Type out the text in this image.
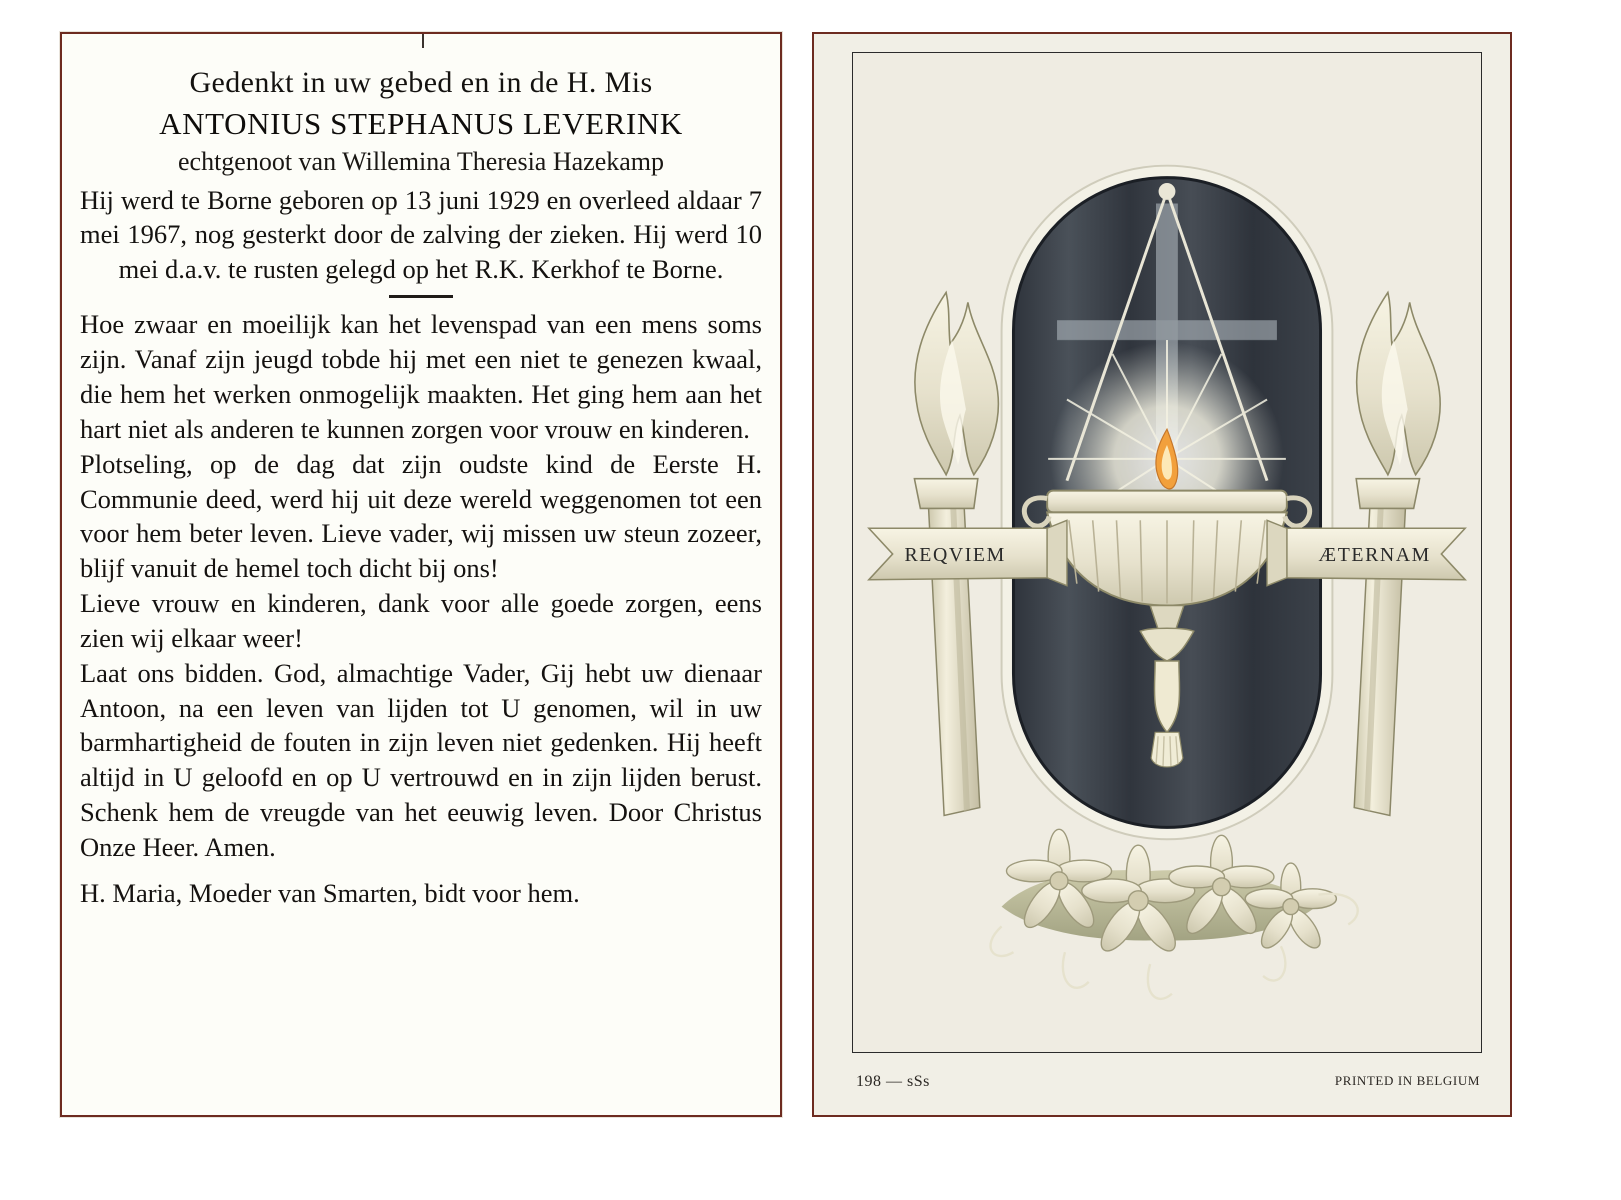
Gedenkt in uw gebed en in de H. Mis
ANTONIUS STEPHANUS LEVERINK
echtgenoot van Willemina Theresia Hazekamp
Hij werd te Borne geboren op 13 juni 1929 en overleed aldaar 7 mei 1967, nog gesterkt door de zalving der zieken. Hij werd 10 mei d.a.v. te rusten gelegd op het R.K. Kerkhof te Borne.

Hoe zwaar en moeilijk kan het levenspad van een mens soms zijn. Vanaf zijn jeugd tobde hij met een niet te genezen kwaal, die hem het werken onmogelijk maakten. Het ging hem aan het hart niet als anderen te kunnen zorgen voor vrouw en kinderen.

Plotseling, op de dag dat zijn oudste kind de Eerste H. Communie deed, werd hij uit deze wereld weggenomen tot een voor hem beter leven. Lieve vader, wij missen uw steun zozeer, blijf vanuit de hemel toch dicht bij ons!

Lieve vrouw en kinderen, dank voor alle goede zorgen, eens zien wij elkaar weer!

Laat ons bidden. God, almachtige Vader, Gij hebt uw dienaar Antoon, na een leven van lijden tot U genomen, wil in uw barmhartigheid de fouten in zijn leven niet gedenken. Hij heeft altijd in U geloofd en op U vertrouwd en in zijn lijden berust. Schenk hem de vreugde van het eeuwig leven. Door Christus Onze Heer. Amen.

H. Maria, Moeder van Smarten, bidt voor hem.

REQVIEM	ÆTERNAM
198 — sSs	PRINTED IN BELGIUM
